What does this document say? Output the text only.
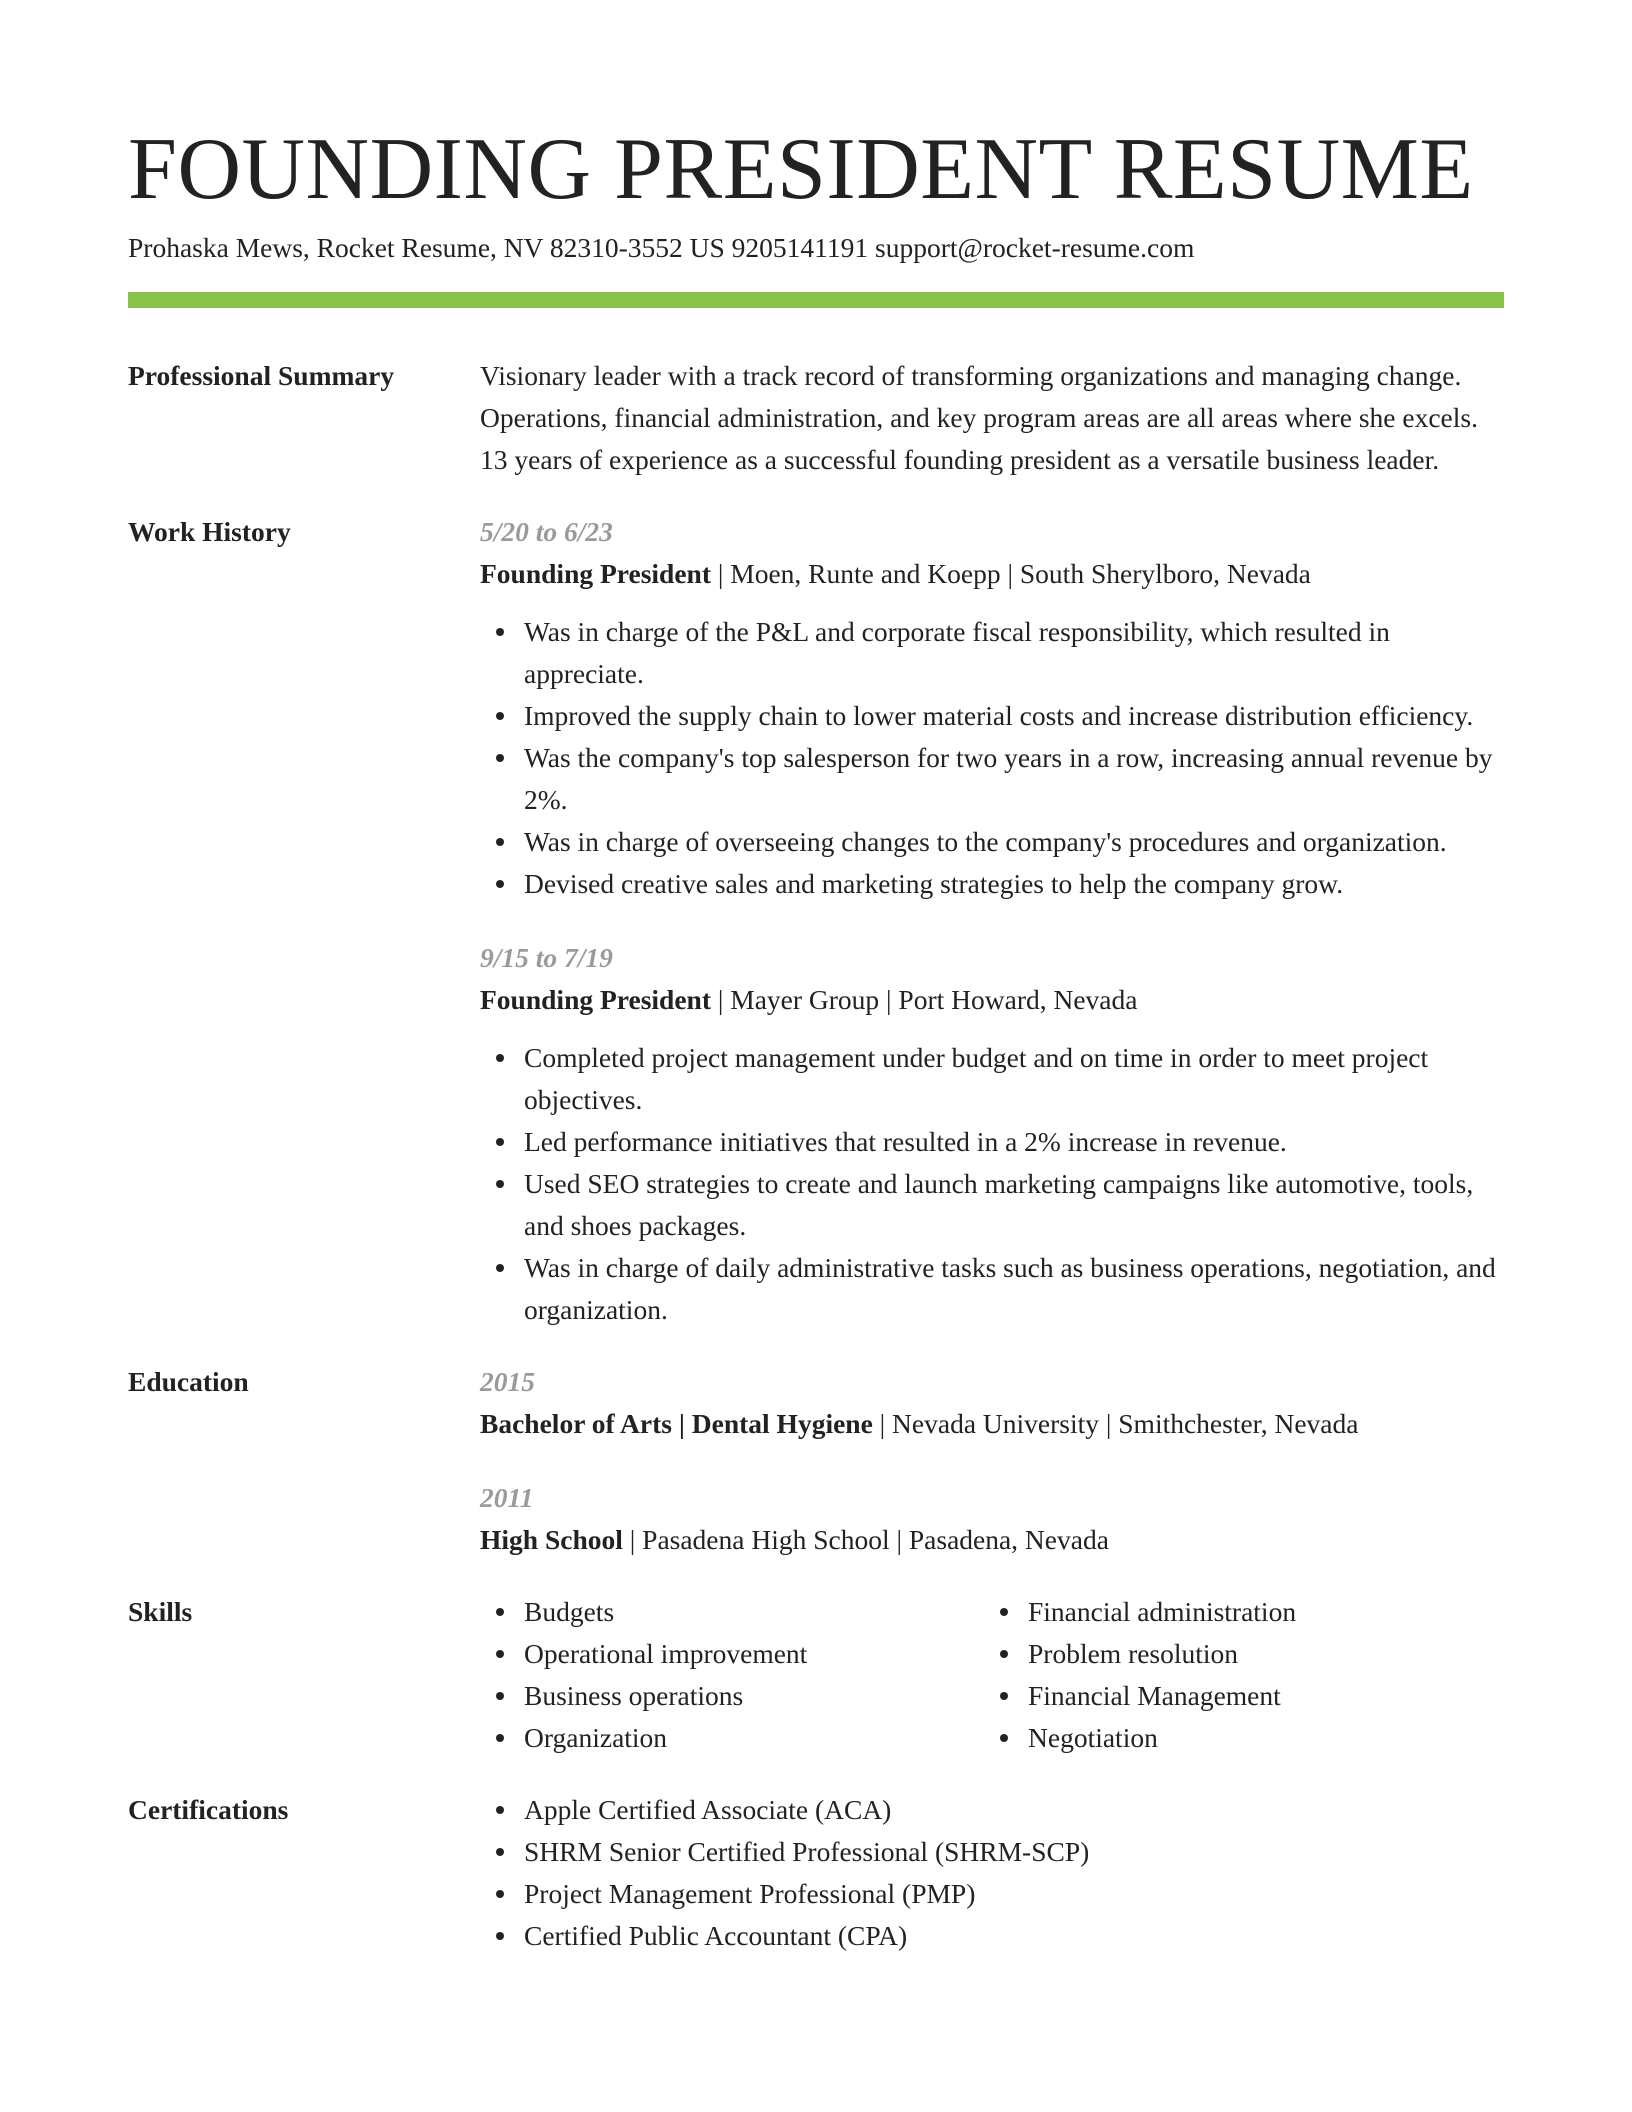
FOUNDING PRESIDENT RESUME
Prohaska Mews, Rocket Resume, NV 82310-3552 US 9205141191 support@rocket-resume.com
Professional Summary	Visionary leader with a track record of transforming organizations and managing change. Operations, financial administration, and key program areas are all areas where she excels. 13 years of experience as a successful founding president as a versatile business leader.

Work History	5/20 to 6/23
Founding President | Moen, Runte and Koepp | South Sherylboro, Nevada
Was in charge of the P&L and corporate fiscal responsibility, which resulted in appreciate.
Improved the supply chain to lower material costs and increase distribution efficiency.
Was the company's top salesperson for two years in a row, increasing annual revenue by 2%.
Was in charge of overseeing changes to the company's procedures and organization.
Devised creative sales and marketing strategies to help the company grow.
9/15 to 7/19
Founding President | Mayer Group | Port Howard, Nevada
Completed project management under budget and on time in order to meet project objectives.
Led performance initiatives that resulted in a 2% increase in revenue.
Used SEO strategies to create and launch marketing campaigns like automotive, tools, and shoes packages.
Was in charge of daily administrative tasks such as business operations, negotiation, and organization.
Education	2015
Bachelor of Arts | Dental Hygiene | Nevada University | Smithchester, Nevada
2011
High School | Pasadena High School | Pasadena, Nevada
Skills	Budgets
Operational improvement
Business operations
Organization
Financial administration
Problem resolution
Financial Management
Negotiation
Certifications	Apple Certified Associate (ACA)
SHRM Senior Certified Professional (SHRM-SCP)
Project Management Professional (PMP)
Certified Public Accountant (CPA)
